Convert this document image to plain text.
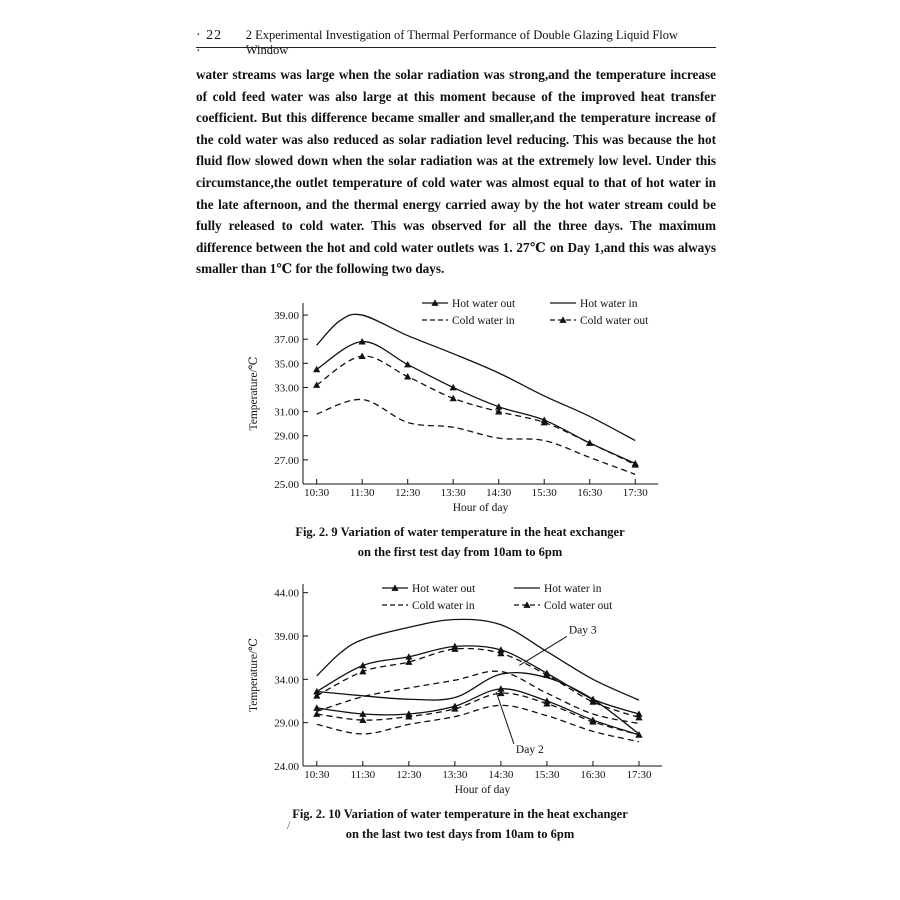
· 22 ·
2 Experimental Investigation of Thermal Performance of Double Glazing Liquid Flow Window

water streams was large when the solar radiation was strong,and the temperature increase of cold feed water was also large at this moment because of the improved heat transfer coefficient. But this difference became smaller and smaller,and the temperature increase of the cold water was also reduced as solar radiation level reducing. This was because the hot fluid flow slowed down when the solar radiation was at the extremely low level. Under this circumstance,the outlet temperature of cold water was almost equal to that of hot water in the late afternoon, and the thermal energy carried away by the hot water stream could be fully released to cold water. This was observed for all the three days. The maximum difference between the hot and cold water outlets was 1. 27℃ on Day 1,and this was always smaller than 1℃ for the following two days.

25.00
27.00
29.00
31.00
33.00
35.00
37.00
39.00
10:30 11:30 12:30 13:30 14:30 15:30 16:30 17:30
Hour of day
Temperature/℃
Hot water out	Hot water in
Cold water in	Cold water out
24.00
29.00
34.00
39.00
44.00
10:30 11:30 12:30 13:30 14:30 15:30 16:30 17:30
Hour of day
Temperature/℃
Hot water out	Hot water in
Cold water in	Cold water out
Day 3
Day 2
Fig. 2. 9 Variation of water temperature in the heat exchanger
on the first test day from 10am to 6pm
Fig. 2. 10 Variation of water temperature in the heat exchanger
on the last two test days from 10am to 6pm
/
